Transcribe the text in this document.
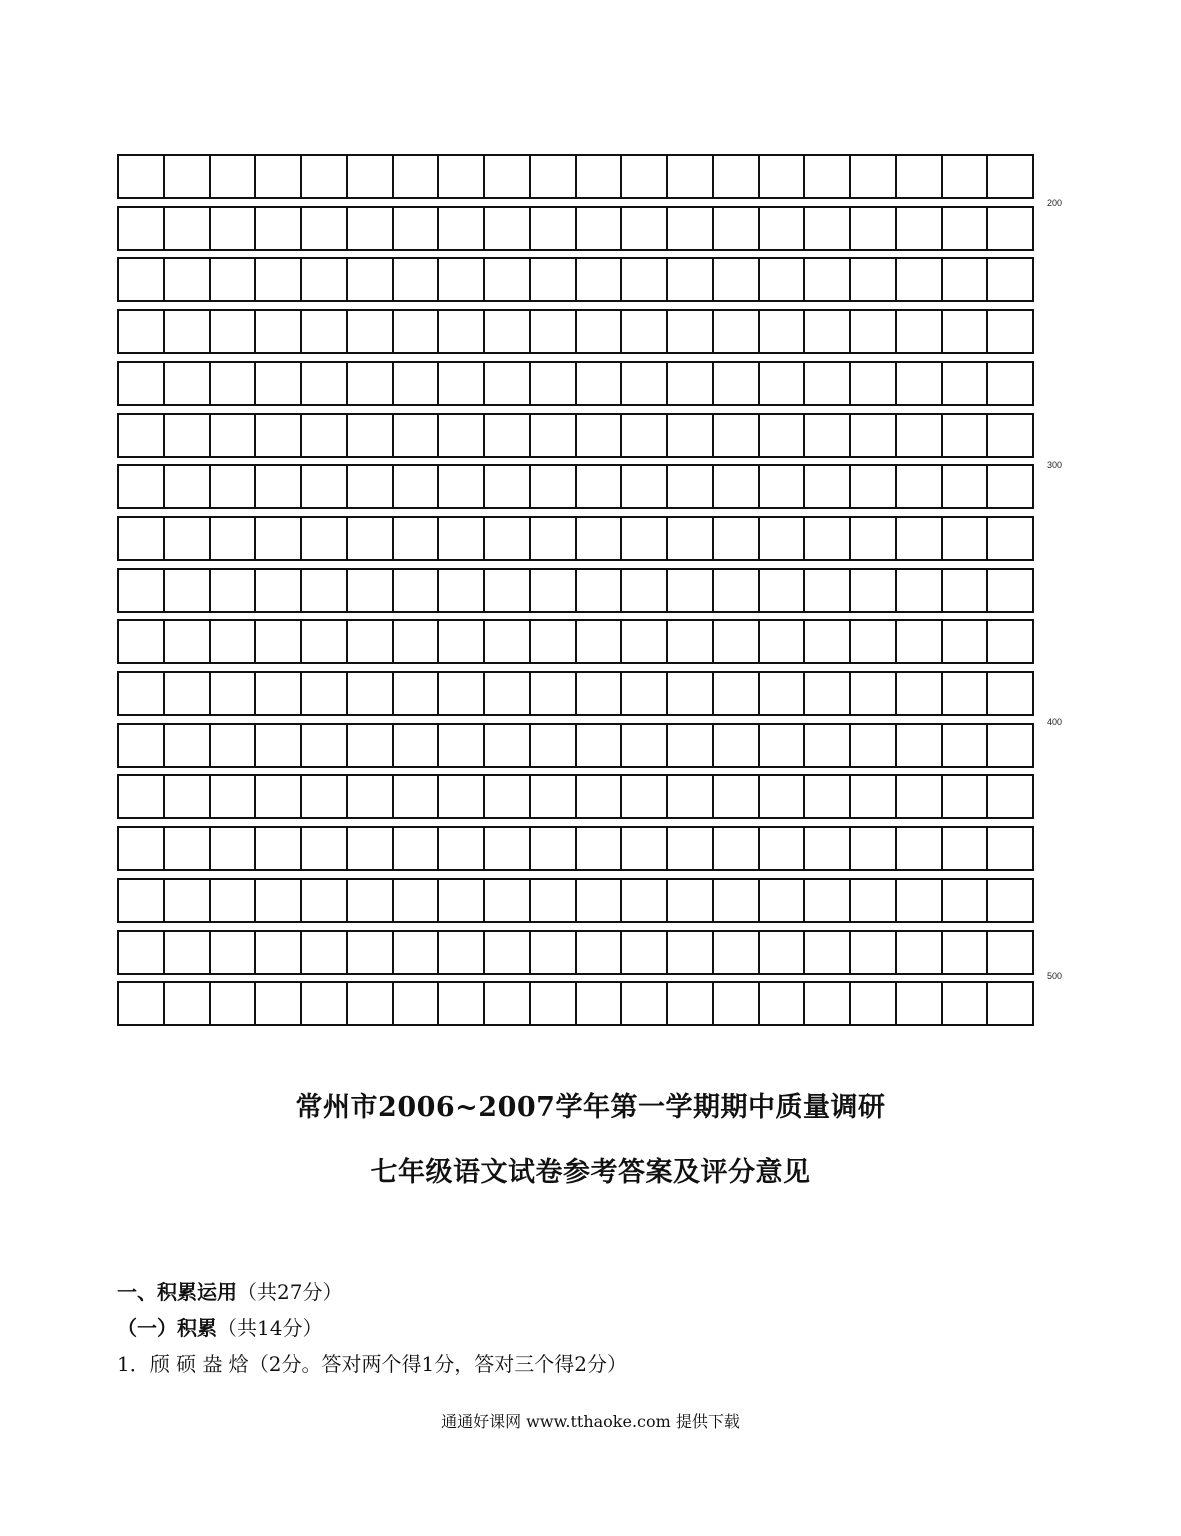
200
300
400
500
常州市2006~2007学年第一学期期中质量调研
七年级语文试卷参考答案及评分意见
一、积累运用（共27分）
（一）积累（共14分）
1．颀 硕 盎 焓（2分。答对两个得1分，答对三个得2分）
通通好课网 www.tthaoke.com 提供下载
